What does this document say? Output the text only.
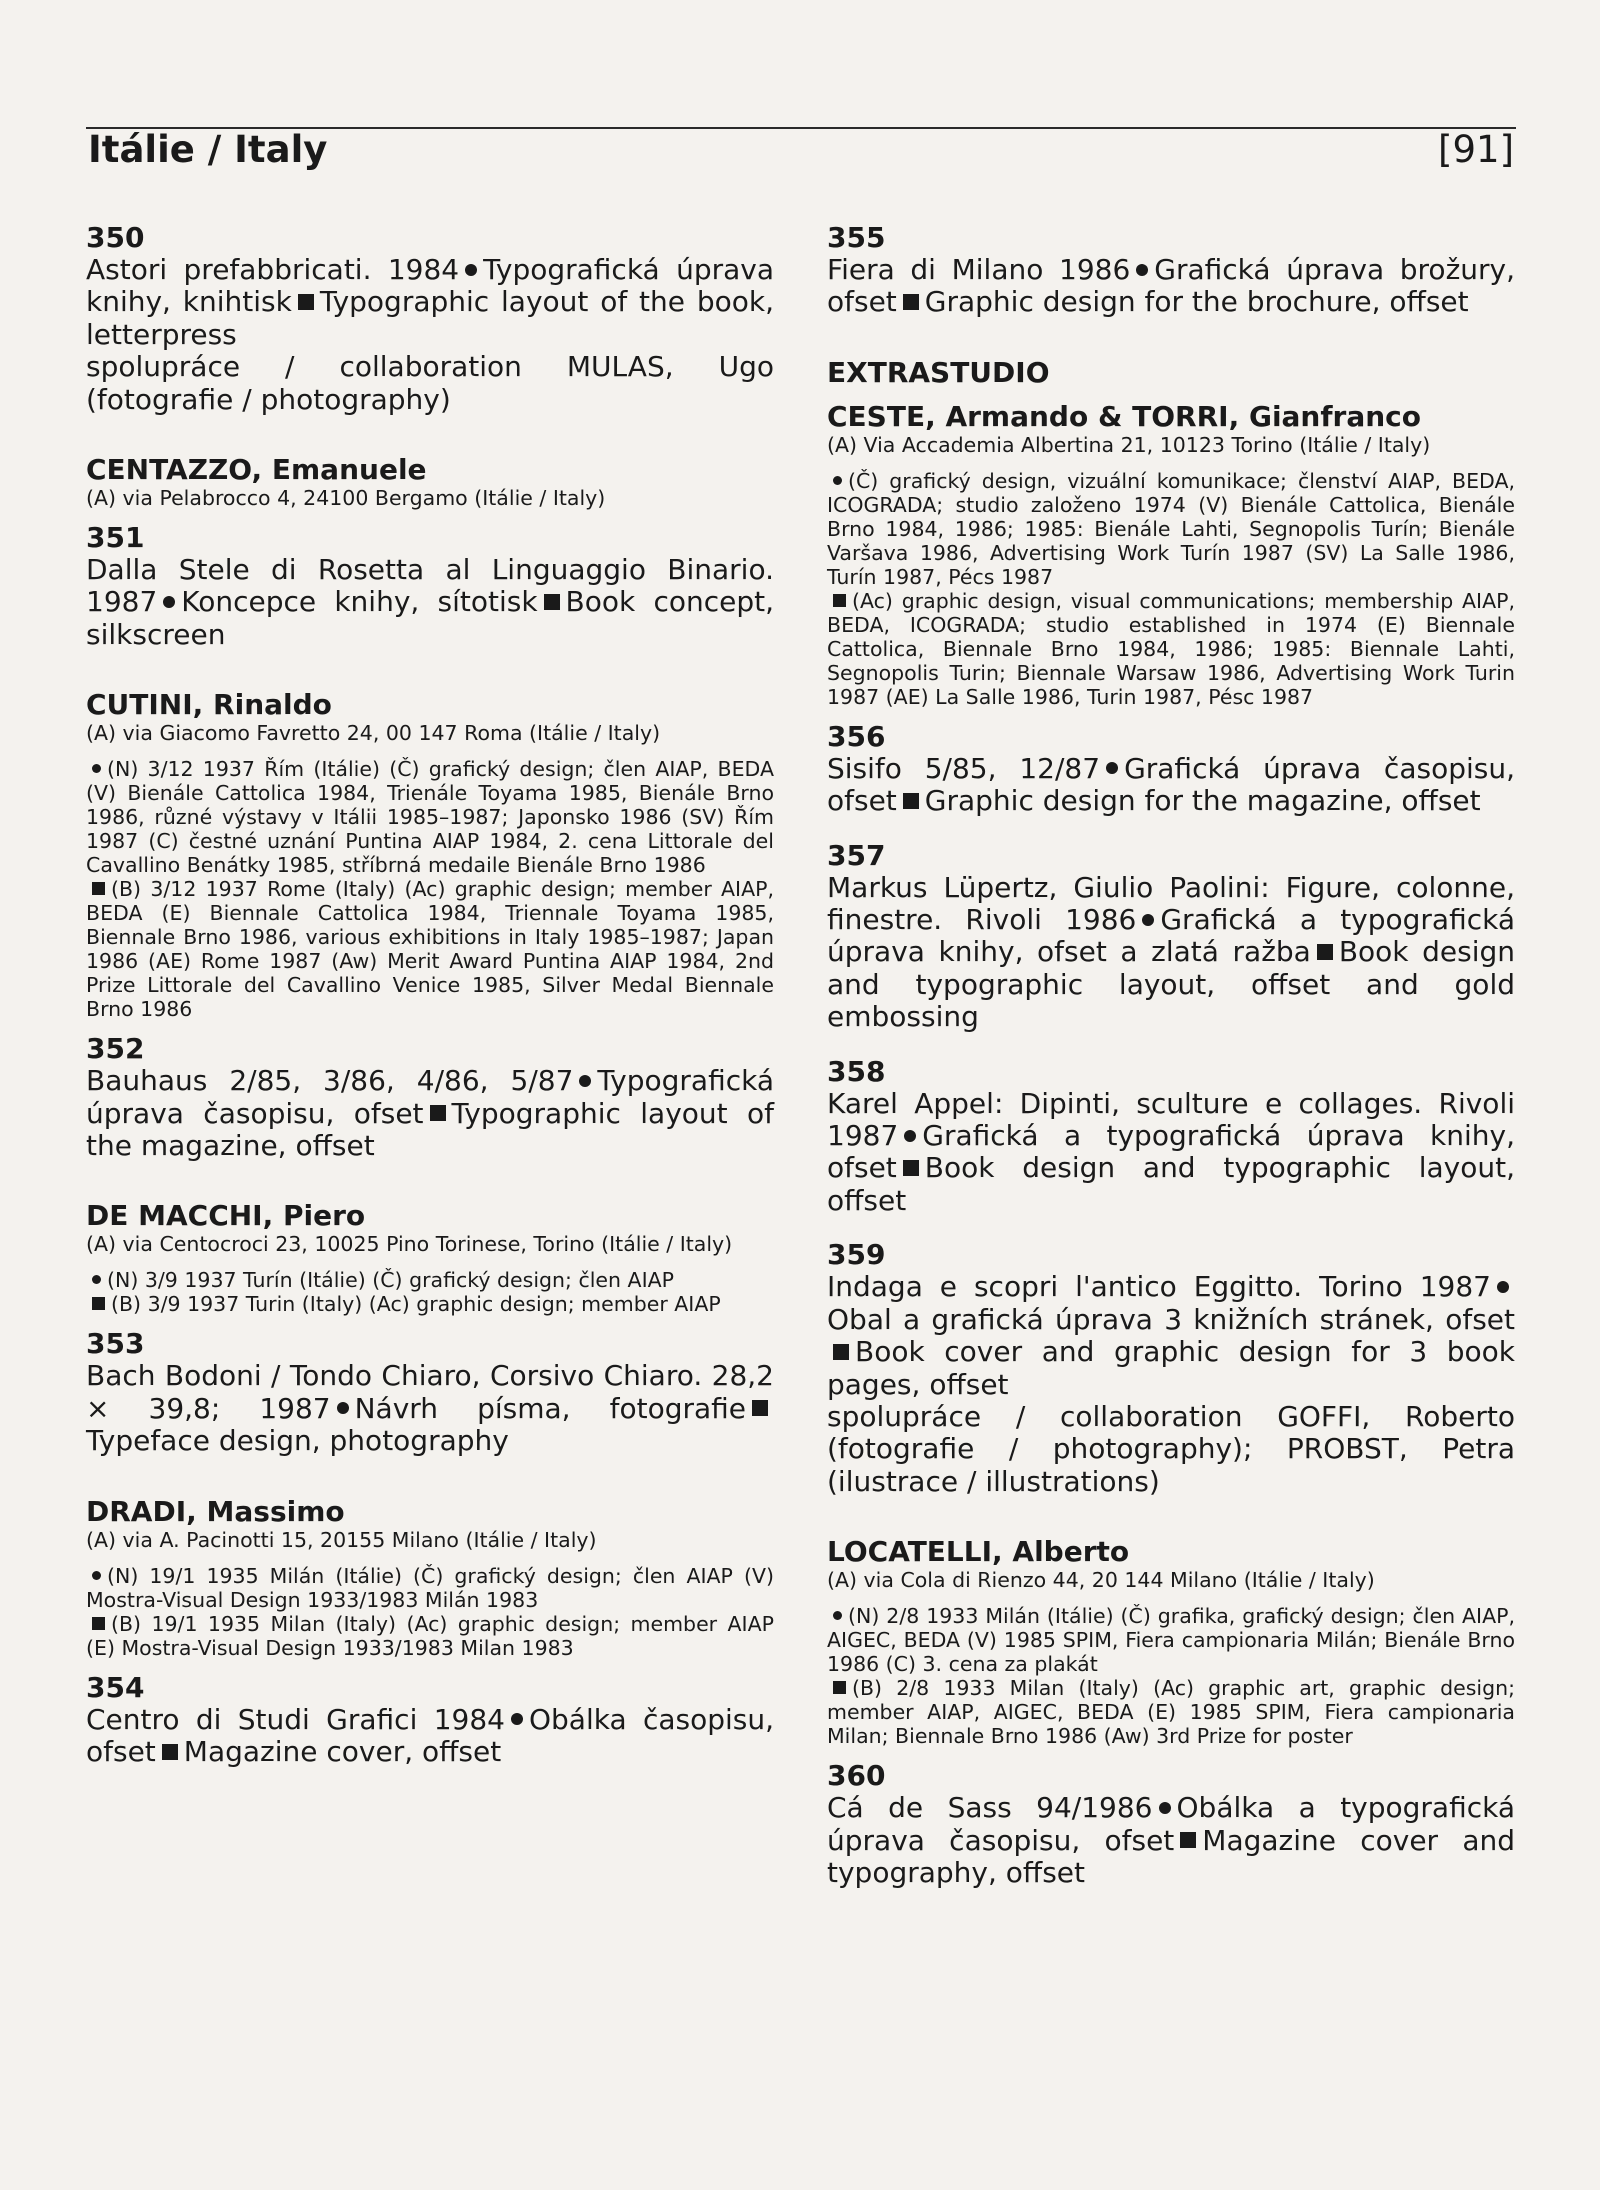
Itálie / Italy	[91]

350

Astori prefabbricati. 1984 Typografická úprava knihy, knihtisk Typographic layout of the book, letterpress

spolupráce / collaboration MULAS, Ugo (fotografie / photography)

CENTAZZO, Emanuele

(A) via Pelabrocco 4, 24100 Bergamo (Itálie / Italy)

351

Dalla Stele di Rosetta al Linguaggio Binario. 1987 Koncepce knihy, sítotisk Book concept, silkscreen

CUTINI, Rinaldo

(A) via Giacomo Favretto 24, 00 147 Roma (Itálie / Italy)

(N) 3/12 1937 Řím (Itálie) (Č) grafický design; člen AIAP, BEDA (V) Bienále Cattolica 1984, Trienále Toyama 1985, Bienále Brno 1986, různé výstavy v Itálii 1985–1987; Japonsko 1986 (SV) Řím 1987 (C) čestné uznání Puntina AIAP 1984, 2. cena Littorale del Cavallino Benátky 1985, stříbrná medaile Bienále Brno 1986

(B) 3/12 1937 Rome (Italy) (Ac) graphic design; member AIAP, BEDA (E) Biennale Cattolica 1984, Triennale Toyama 1985, Biennale Brno 1986, various exhibitions in Italy 1985–1987; Japan 1986 (AE) Rome 1987 (Aw) Merit Award Puntina AIAP 1984, 2nd Prize Littorale del Cavallino Venice 1985, Silver Medal Biennale Brno 1986

352

Bauhaus 2/85, 3/86, 4/86, 5/87 Typografická úprava časopisu, ofset Typographic layout of the magazine, offset

DE MACCHI, Piero

(A) via Centocroci 23, 10025 Pino Torinese, Torino (Itálie / Italy)

(N) 3/9 1937 Turín (Itálie) (Č) grafický design; člen AIAP

(B) 3/9 1937 Turin (Italy) (Ac) graphic design; member AIAP

353

Bach Bodoni / Tondo Chiaro, Corsivo Chiaro. 28,2 × 39,8; 1987 Návrh písma, fotografieTypeface design, photography

DRADI, Massimo

(A) via A. Pacinotti 15, 20155 Milano (Itálie / Italy)

(N) 19/1 1935 Milán (Itálie) (Č) grafický design; člen AIAP (V) Mostra-Visual Design 1933/1983 Milán 1983

(B) 19/1 1935 Milan (Italy) (Ac) graphic design; member AIAP (E) Mostra-Visual Design 1933/1983 Milan 1983

354

Centro di Studi Grafici 1984 Obálka časopisu, ofset Magazine cover, offset

355

Fiera di Milano 1986 Grafická úprava brožury, ofset Graphic design for the brochure, offset

EXTRASTUDIO

CESTE, Armando & TORRI, Gianfranco

(A) Via Accademia Albertina 21, 10123 Torino (Itálie / Italy)

(Č) grafický design, vizuální komunikace; členství AIAP, BEDA, ICOGRADA; studio založeno 1974 (V) Bienále Cattolica, Bienále Brno 1984, 1986; 1985: Bienále Lahti, Segnopolis Turín; Bienále Varšava 1986, Advertising Work Turín 1987 (SV) La Salle 1986, Turín 1987, Pécs 1987

(Ac) graphic design, visual communications; membership AIAP, BEDA, ICOGRADA; studio established in 1974 (E) Biennale Cattolica, Biennale Brno 1984, 1986; 1985: Biennale Lahti, Segnopolis Turin; Biennale Warsaw 1986, Advertising Work Turin 1987 (AE) La Salle 1986, Turin 1987, Pésc 1987

356

Sisifo 5/85, 12/87 Grafická úprava časopisu, ofset Graphic design for the magazine, offset

357

Markus Lüpertz, Giulio Paolini: Figure, colonne, finestre. Rivoli 1986 Grafická a typografická úprava knihy, ofset a zlatá ražba Book design and typographic layout, offset and gold embossing

358

Karel Appel: Dipinti, sculture e collages. Rivoli 1987 Grafická a typografická úprava knihy, ofset Book design and typographic layout, offset

359

Indaga e scopri l'antico Eggitto. Torino 1987Obal a grafická úprava 3 knižních stránek, ofsetBook cover and graphic design for 3 book pages, offset

spolupráce / collaboration GOFFI, Roberto (fotografie / photography); PROBST, Petra (ilustrace / illustrations)

LOCATELLI, Alberto

(A) via Cola di Rienzo 44, 20 144 Milano (Itálie / Italy)

(N) 2/8 1933 Milán (Itálie) (Č) grafika, grafický design; člen AIAP, AIGEC, BEDA (V) 1985 SPIM, Fiera campionaria Milán; Bienále Brno 1986 (C) 3. cena za plakát

(B) 2/8 1933 Milan (Italy) (Ac) graphic art, graphic design; member AIAP, AIGEC, BEDA (E) 1985 SPIM, Fiera campionaria Milan; Biennale Brno 1986 (Aw) 3rd Prize for poster

360

Cá de Sass 94/1986 Obálka a typografická úprava časopisu, ofset Magazine cover and typography, offset
